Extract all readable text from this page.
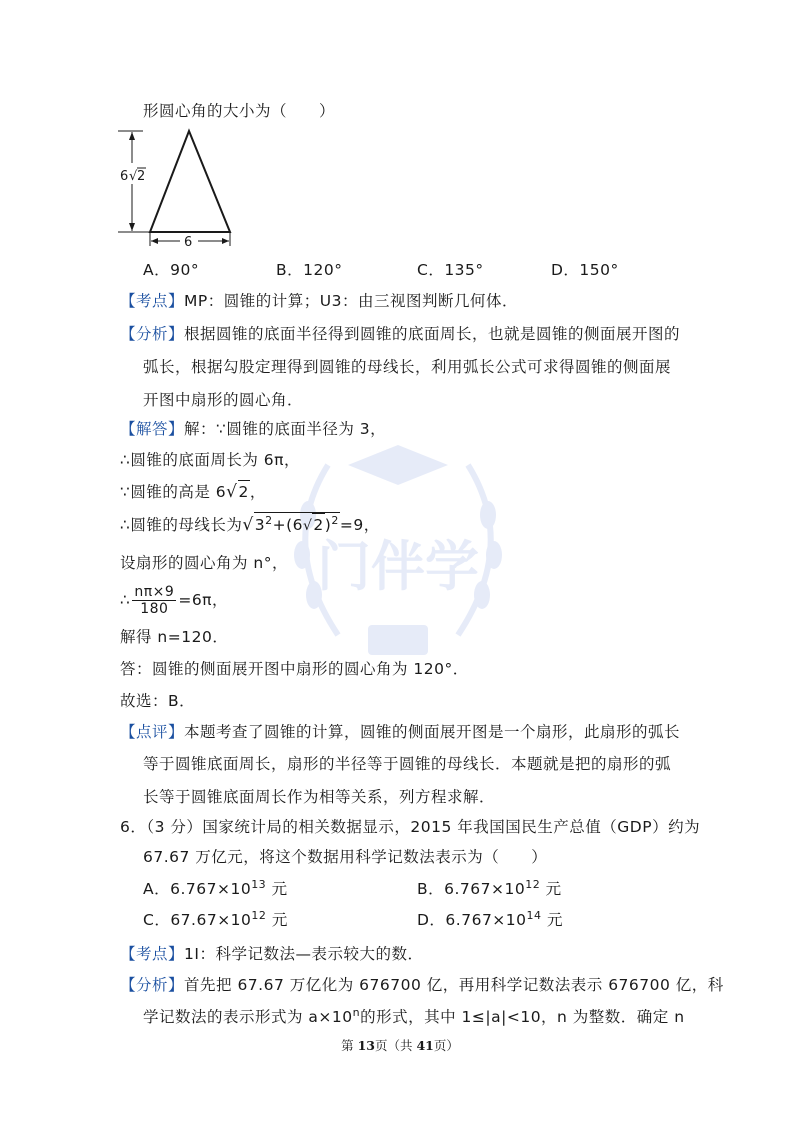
门伴学
形圆心角的大小为（　　）
6 √ 2
6
A．90°	B．120°	C．135°	D．150°
【考点】MP：圆锥的计算；U3：由三视图判断几何体．
【分析】根据圆锥的底面半径得到圆锥的底面周长，也就是圆锥的侧面展开图的
弧长，根据勾股定理得到圆锥的母线长，利用弧长公式可求得圆锥的侧面展
开图中扇形的圆心角．
【解答】解：∵圆锥的底面半径为 3，
∴圆锥的底面周长为 6π，
∵圆锥的高是 6√2，
∴圆锥的母线长为$√3^2+(6√2)^2=9$，
设扇形的圆心角为 n°，
∴ $\frac{n\pi\times 9}{180} =6\pi$，
解得 n=120．
答：圆锥的侧面展开图中扇形的圆心角为 120°．
故选：B．
【点评】本题考查了圆锥的计算，圆锥的侧面展开图是一个扇形，此扇形的弧长
等于圆锥底面周长，扇形的半径等于圆锥的母线长．本题就是把的扇形的弧
长等于圆锥底面周长作为相等关系，列方程求解．
6．（3 分）国家统计局的相关数据显示，2015 年我国国民生产总值（GDP）约为
67.67 万亿元，将这个数据用科学记数法表示为（　　）
A．$6.767\times 10^{13}$ 元	B．$6.767\times 10^{12}$ 元
C．$67.67\times 10^{12}$ 元	D．$6.767\times 10^{14}$ 元
【考点】1I：科学记数法—表示较大的数．
【分析】首先把 67.67 万亿化为 676700 亿，再用科学记数法表示 676700 亿，科
学记数法的表示形式为 $a\times 10^n$的形式，其中 1≤|a|<10，n 为整数．确定 n
第 13页（共 41页）
